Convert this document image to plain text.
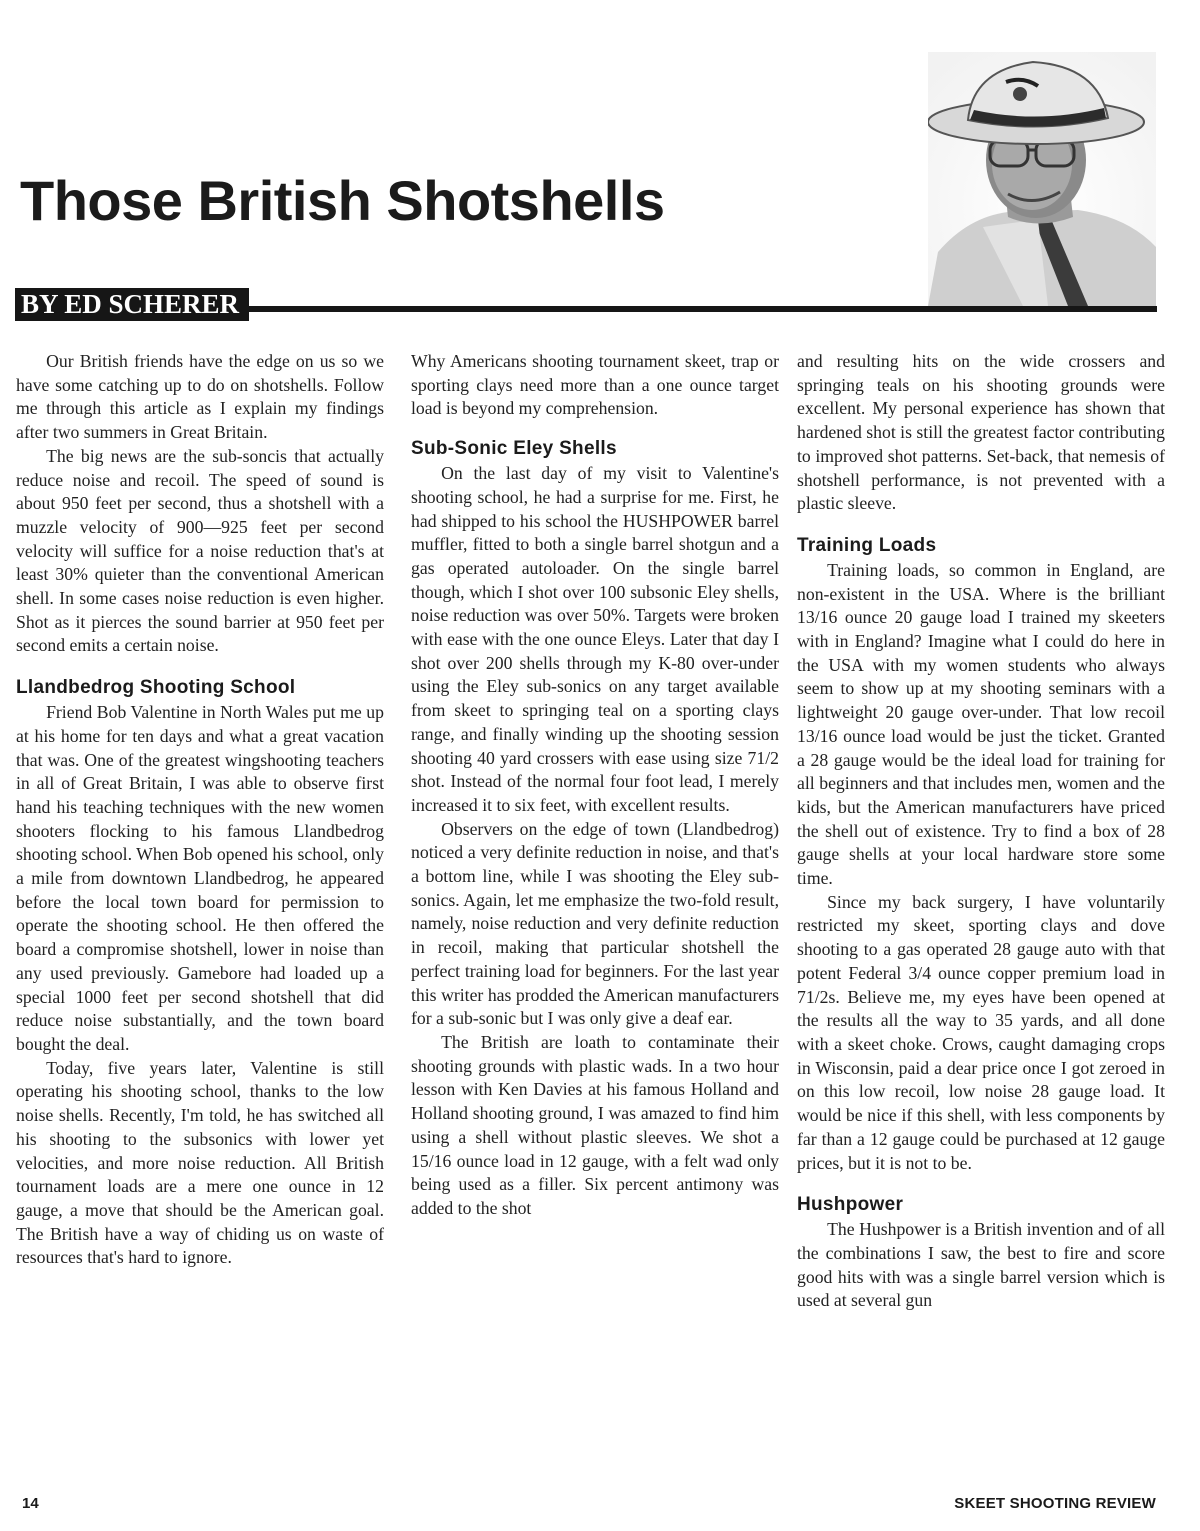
Those British Shotshells
BY ED SCHERER

Our British friends have the edge on us so we have some catching up to do on shotshells. Follow me through this article as I explain my findings after two summers in Great Britain.

The big news are the sub-soncis that actually reduce noise and recoil. The speed of sound is about 950 feet per second, thus a shotshell with a muzzle velocity of 900—925 feet per second velocity will suffice for a noise reduction that's at least 30% quieter than the conventional American shell. In some cases noise reduction is even higher. Shot as it pierces the sound barrier at 950 feet per second emits a certain noise.

Llandbedrog Shooting School

Friend Bob Valentine in North Wales put me up at his home for ten days and what a great vacation that was. One of the greatest wingshooting teachers in all of Great Britain, I was able to observe first hand his teaching techniques with the new women shooters flocking to his famous Llandbedrog shooting school. When Bob opened his school, only a mile from downtown Llandbedrog, he appeared before the local town board for permission to operate the shooting school. He then offered the board a compromise shotshell, lower in noise than any used previously. Gamebore had loaded up a special 1000 feet per second shotshell that did reduce noise substantially, and the town board bought the deal.

Today, five years later, Valentine is still operating his shooting school, thanks to the low noise shells. Recently, I'm told, he has switched all his shooting to the subsonics with lower yet velocities, and more noise reduction. All British tournament loads are a mere one ounce in 12 gauge, a move that should be the American goal. The British have a way of chiding us on waste of resources that's hard to ignore.

Why Americans shooting tournament skeet, trap or sporting clays need more than a one ounce target load is beyond my comprehension.

Sub-Sonic Eley Shells

On the last day of my visit to Valentine's shooting school, he had a surprise for me. First, he had shipped to his school the HUSHPOWER barrel muffler, fitted to both a single barrel shotgun and a gas operated autoloader. On the single barrel though, which I shot over 100 subsonic Eley shells, noise reduction was over 50%. Targets were broken with ease with the one ounce Eleys. Later that day I shot over 200 shells through my K-80 over-under using the Eley sub-sonics on any target available from skeet to springing teal on a sporting clays range, and finally winding up the shooting session shooting 40 yard crossers with ease using size 71/2 shot. Instead of the normal four foot lead, I merely increased it to six feet, with excellent results.

Observers on the edge of town (Llandbedrog) noticed a very definite reduction in noise, and that's a bottom line, while I was shooting the Eley sub-sonics. Again, let me emphasize the two-fold result, namely, noise reduction and very definite reduction in recoil, making that particular shotshell the perfect training load for beginners. For the last year this writer has prodded the American manufacturers for a sub-sonic but I was only give a deaf ear.

The British are loath to contaminate their shooting grounds with plastic wads. In a two hour lesson with Ken Davies at his famous Holland and Holland shooting ground, I was amazed to find him using a shell without plastic sleeves. We shot a 15/16 ounce load in 12 gauge, with a felt wad only being used as a filler. Six percent antimony was added to the shot

and resulting hits on the wide crossers and springing teals on his shooting grounds were excellent. My personal experience has shown that hardened shot is still the greatest factor contributing to improved shot patterns. Set-back, that nemesis of shotshell performance, is not prevented with a plastic sleeve.

Training Loads

Training loads, so common in England, are non-existent in the USA. Where is the brilliant 13/16 ounce 20 gauge load I trained my skeeters with in England? Imagine what I could do here in the USA with my women students who always seem to show up at my shooting seminars with a lightweight 20 gauge over-under. That low recoil 13/16 ounce load would be just the ticket. Granted a 28 gauge would be the ideal load for training for all beginners and that includes men, women and the kids, but the American manufacturers have priced the shell out of existence. Try to find a box of 28 gauge shells at your local hardware store some time.

Since my back surgery, I have voluntarily restricted my skeet, sporting clays and dove shooting to a gas operated 28 gauge auto with that potent Federal 3/4 ounce copper premium load in 71/2s. Believe me, my eyes have been opened at the results all the way to 35 yards, and all done with a skeet choke. Crows, caught damaging crops in Wisconsin, paid a dear price once I got zeroed in on this low recoil, low noise 28 gauge load. It would be nice if this shell, with less components by far than a 12 gauge could be purchased at 12 gauge prices, but it is not to be.

Hushpower

The Hushpower is a British invention and of all the combinations I saw, the best to fire and score good hits with was a single barrel version which is used at several gun

14	SKEET SHOOTING REVIEW
